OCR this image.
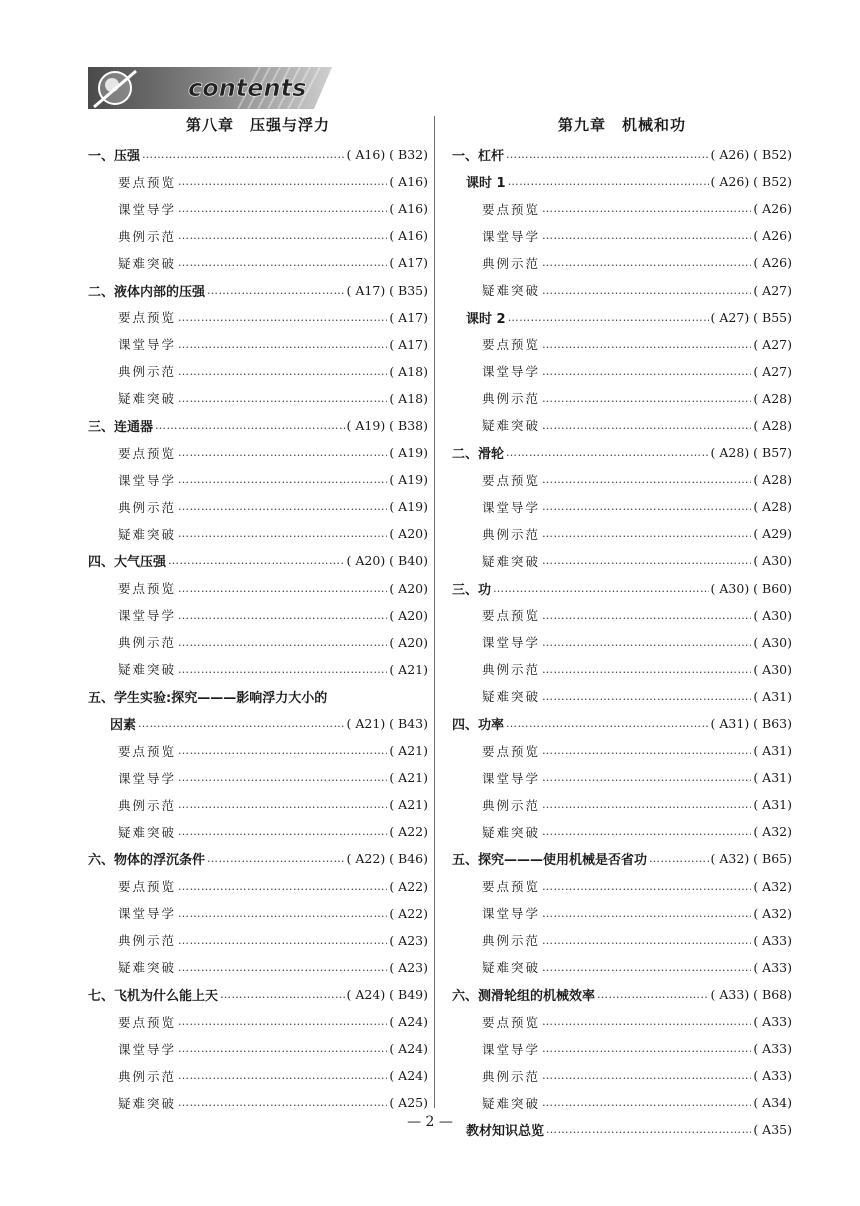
contents
第八章　压强与浮力
一、压强 ……………………………………………………………………………………………………………………	( A16) ( B32)
要点预览 ……………………………………………………………………………………………………………………	( A16)
课堂导学 ……………………………………………………………………………………………………………………	( A16)
典例示范 ……………………………………………………………………………………………………………………	( A16)
疑难突破 ……………………………………………………………………………………………………………………	( A17)
二、液体内部的压强 ……………………………………………………………………………………………………………………	( A17) ( B35)
要点预览 ……………………………………………………………………………………………………………………	( A17)
课堂导学 ……………………………………………………………………………………………………………………	( A17)
典例示范 ……………………………………………………………………………………………………………………	( A18)
疑难突破 ……………………………………………………………………………………………………………………	( A18)
三、连通器 ……………………………………………………………………………………………………………………	( A19) ( B38)
要点预览 ……………………………………………………………………………………………………………………	( A19)
课堂导学 ……………………………………………………………………………………………………………………	( A19)
典例示范 ……………………………………………………………………………………………………………………	( A19)
疑难突破 ……………………………………………………………………………………………………………………	( A20)
四、大气压强 ……………………………………………………………………………………………………………………	( A20) ( B40)
要点预览 ……………………………………………………………………………………………………………………	( A20)
课堂导学 ……………………………………………………………………………………………………………………	( A20)
典例示范 ……………………………………………………………………………………………………………………	( A20)
疑难突破 ……………………………………………………………………………………………………………………	( A21)
五、学生实验:探究———影响浮力大小的
因素 ……………………………………………………………………………………………………………………	( A21) ( B43)
要点预览 ……………………………………………………………………………………………………………………	( A21)
课堂导学 ……………………………………………………………………………………………………………………	( A21)
典例示范 ……………………………………………………………………………………………………………………	( A21)
疑难突破 ……………………………………………………………………………………………………………………	( A22)
六、物体的浮沉条件 ……………………………………………………………………………………………………………………	( A22) ( B46)
要点预览 ……………………………………………………………………………………………………………………	( A22)
课堂导学 ……………………………………………………………………………………………………………………	( A22)
典例示范 ……………………………………………………………………………………………………………………	( A23)
疑难突破 ……………………………………………………………………………………………………………………	( A23)
七、飞机为什么能上天 ……………………………………………………………………………………………………………………	( A24) ( B49)
要点预览 ……………………………………………………………………………………………………………………	( A24)
课堂导学 ……………………………………………………………………………………………………………………	( A24)
典例示范 ……………………………………………………………………………………………………………………	( A24)
疑难突破 ……………………………………………………………………………………………………………………	( A25)
第九章　机械和功
一、杠杆 ……………………………………………………………………………………………………………………	( A26) ( B52)
课时 1 ……………………………………………………………………………………………………………………	( A26) ( B52)
要点预览 ……………………………………………………………………………………………………………………	( A26)
课堂导学 ……………………………………………………………………………………………………………………	( A26)
典例示范 ……………………………………………………………………………………………………………………	( A26)
疑难突破 ……………………………………………………………………………………………………………………	( A27)
课时 2 ……………………………………………………………………………………………………………………	( A27) ( B55)
要点预览 ……………………………………………………………………………………………………………………	( A27)
课堂导学 ……………………………………………………………………………………………………………………	( A27)
典例示范 ……………………………………………………………………………………………………………………	( A28)
疑难突破 ……………………………………………………………………………………………………………………	( A28)
二、滑轮 ……………………………………………………………………………………………………………………	( A28) ( B57)
要点预览 ……………………………………………………………………………………………………………………	( A28)
课堂导学 ……………………………………………………………………………………………………………………	( A28)
典例示范 ……………………………………………………………………………………………………………………	( A29)
疑难突破 ……………………………………………………………………………………………………………………	( A30)
三、功 ……………………………………………………………………………………………………………………	( A30) ( B60)
要点预览 ……………………………………………………………………………………………………………………	( A30)
课堂导学 ……………………………………………………………………………………………………………………	( A30)
典例示范 ……………………………………………………………………………………………………………………	( A30)
疑难突破 ……………………………………………………………………………………………………………………	( A31)
四、功率 ……………………………………………………………………………………………………………………	( A31) ( B63)
要点预览 ……………………………………………………………………………………………………………………	( A31)
课堂导学 ……………………………………………………………………………………………………………………	( A31)
典例示范 ……………………………………………………………………………………………………………………	( A31)
疑难突破 ……………………………………………………………………………………………………………………	( A32)
五、探究———使用机械是否省功 ……………………………………………………………………………………………………………………	( A32) ( B65)
要点预览 ……………………………………………………………………………………………………………………	( A32)
课堂导学 ……………………………………………………………………………………………………………………	( A32)
典例示范 ……………………………………………………………………………………………………………………	( A33)
疑难突破 ……………………………………………………………………………………………………………………	( A33)
六、测滑轮组的机械效率 ……………………………………………………………………………………………………………………	( A33) ( B68)
要点预览 ……………………………………………………………………………………………………………………	( A33)
课堂导学 ……………………………………………………………………………………………………………………	( A33)
典例示范 ……………………………………………………………………………………………………………………	( A33)
疑难突破 ……………………………………………………………………………………………………………………	( A34)
教材知识总览 ……………………………………………………………………………………………………………………	( A35)
— 2 —
